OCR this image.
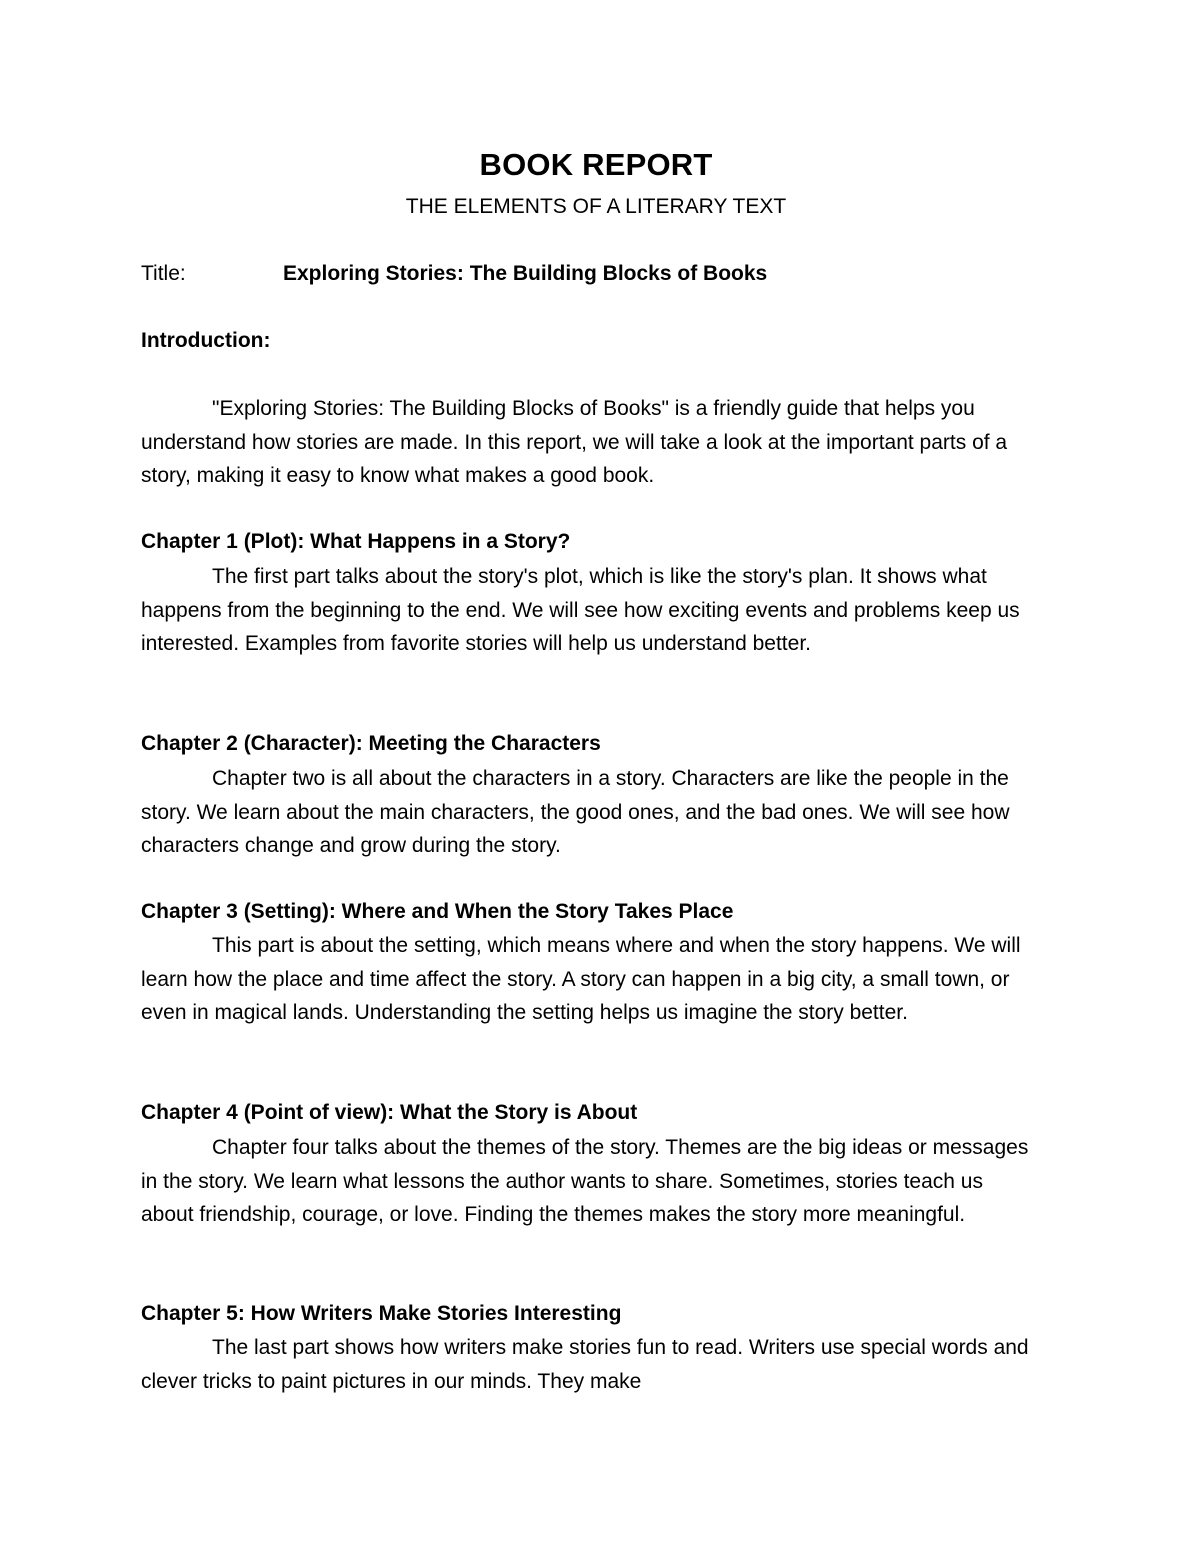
BOOK REPORT
THE ELEMENTS OF A LITERARY TEXT
Title:	Exploring Stories: The Building Blocks of Books
Introduction:

"Exploring Stories: The Building Blocks of Books" is a friendly guide that helps you understand how stories are made. In this report, we will take a look at the important parts of a story, making it easy to know what makes a good book.

Chapter 1 (Plot): What Happens in a Story?

The first part talks about the story's plot, which is like the story's plan. It shows what happens from the beginning to the end. We will see how exciting events and problems keep us interested. Examples from favorite stories will help us understand better.

Chapter 2 (Character): Meeting the Characters

Chapter two is all about the characters in a story. Characters are like the people in the story. We learn about the main characters, the good ones, and the bad ones. We will see how characters change and grow during the story.

Chapter 3 (Setting): Where and When the Story Takes Place

This part is about the setting, which means where and when the story happens. We will learn how the place and time affect the story. A story can happen in a big city, a small town, or even in magical lands. Understanding the setting helps us imagine the story better.

Chapter 4 (Point of view): What the Story is About

Chapter four talks about the themes of the story. Themes are the big ideas or messages in the story. We learn what lessons the author wants to share. Sometimes, stories teach us about friendship, courage, or love. Finding the themes makes the story more meaningful.

Chapter 5: How Writers Make Stories Interesting

The last part shows how writers make stories fun to read. Writers use special words and clever tricks to paint pictures in our minds. They make
